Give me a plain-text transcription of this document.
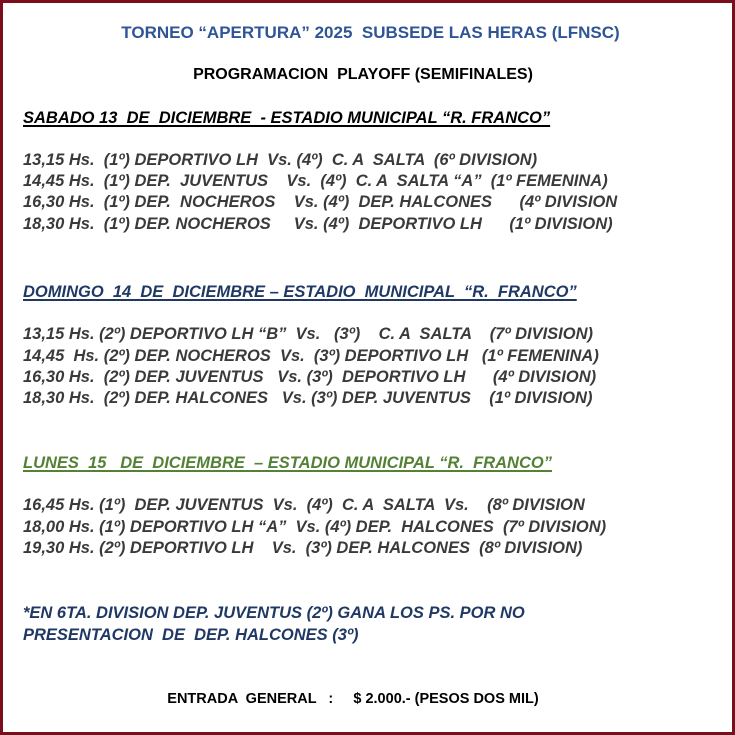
TORNEO “APERTURA” 2025  SUBSEDE LAS HERAS (LFNSC)
PROGRAMACION  PLAYOFF (SEMIFINALES)
SABADO 13  DE  DICIEMBRE  - ESTADIO MUNICIPAL “R. FRANCO”
13,15 Hs.  (1º) DEPORTIVO LH  Vs. (4º)  C. A  SALTA  (6º DIVISION)
14,45 Hs.  (1º) DEP.  JUVENTUS    Vs.  (4º)  C. A  SALTA “A”  (1º FEMENINA)
16,30 Hs.  (1º) DEP.  NOCHEROS    Vs. (4º)  DEP. HALCONES      (4º DIVISION
18,30 Hs.  (1º) DEP. NOCHEROS     Vs. (4º)  DEPORTIVO LH      (1º DIVISION)
DOMINGO  14  DE  DICIEMBRE – ESTADIO  MUNICIPAL  “R.  FRANCO”
13,15 Hs. (2º) DEPORTIVO LH “B”  Vs.   (3º)    C. A  SALTA    (7º DIVISION)
14,45  Hs. (2º) DEP. NOCHEROS  Vs.  (3º) DEPORTIVO LH   (1º FEMENINA)
16,30 Hs.  (2º) DEP. JUVENTUS   Vs. (3º)  DEPORTIVO LH      (4º DIVISION)
18,30 Hs.  (2º) DEP. HALCONES   Vs. (3º) DEP. JUVENTUS    (1º DIVISION)
LUNES  15   DE  DICIEMBRE  – ESTADIO MUNICIPAL “R.  FRANCO”
16,45 Hs. (1º)  DEP. JUVENTUS  Vs.  (4º)  C. A  SALTA  Vs.    (8º DIVISION
18,00 Hs. (1º) DEPORTIVO LH “A”  Vs. (4º) DEP.  HALCONES  (7º DIVISION)
19,30 Hs. (2º) DEPORTIVO LH    Vs.  (3º) DEP. HALCONES  (8º DIVISION)
*EN 6TA. DIVISION DEP. JUVENTUS (2º) GANA LOS PS. POR NO
PRESENTACION  DE  DEP. HALCONES (3º)
ENTRADA  GENERAL   :     $ 2.000.- (PESOS DOS MIL)
